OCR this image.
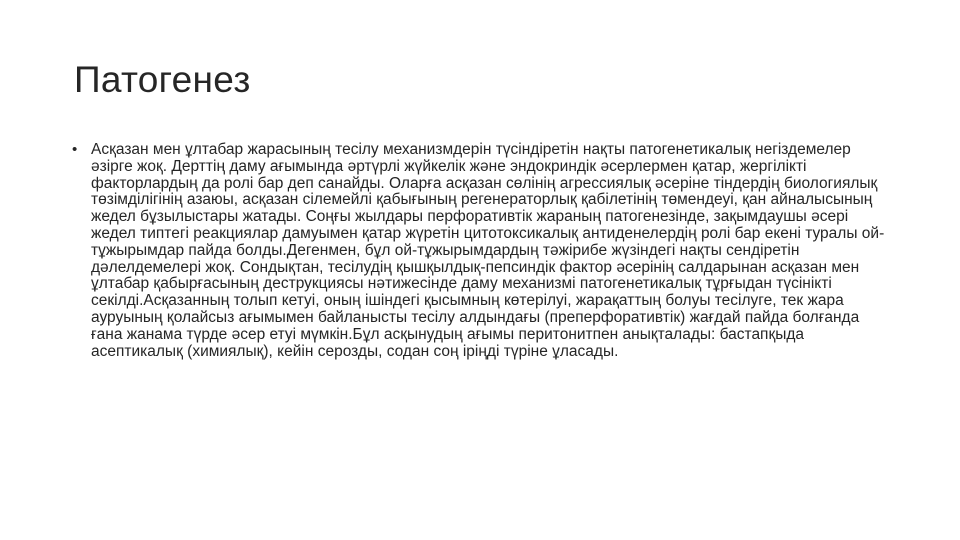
Патогенез
• Асқазан мен ұлтабар жарасының тесілу механизмдерін түсіндіретін нақты патогенетикалық негіздемелер әзірге жоқ. Дерттің даму ағымында әртүрлі жүйкелік және эндокриндік әсерлермен қатар, жергілікті факторлардың да ролі бар деп санайды. Оларға асқазан сөлінің агрессиялық әсеріне тіндердің биологиялық төзімділігінің азаюы, асқазан сілемейлі қабығының регенераторлық қабілетінің төмендеуі, қан айналысының жедел бұзылыстары жатады. Соңғы жылдары перфоративтік жараның патогенезінде, зақымдаушы әсері жедел типтегі реакциялар дамуымен қатар жүретін цитотоксикалық антиденелердің ролі бар екені туралы ой-тұжырымдар пайда болды.Дегенмен, бұл ой-тұжырымдардың тәжірибе жүзіндегі нақты сендіретін дәлелдемелері жоқ. Сондықтан, тесілудің қышқылдық-пепсиндік фактор әсерінің салдарынан асқазан мен ұлтабар қабырғасының деструкциясы нәтижесінде даму механизмі патогенетикалық тұрғыдан түсінікті секілді.Асқазанның толып кетуі, оның ішіндегі қысымның көтерілуі, жарақаттың болуы тесілуге, тек жара ауруының қолайсыз ағымымен байланысты тесілу алдындағы (преперфоративтік) жағдай пайда болғанда ғана жанама түрде әсер етуі мүмкін.Бұл асқынудың ағымы перитонитпен анықталады: бастапқыда асептикалық (химиялық), кейін серозды, содан соң іріңді түріне ұласады.
